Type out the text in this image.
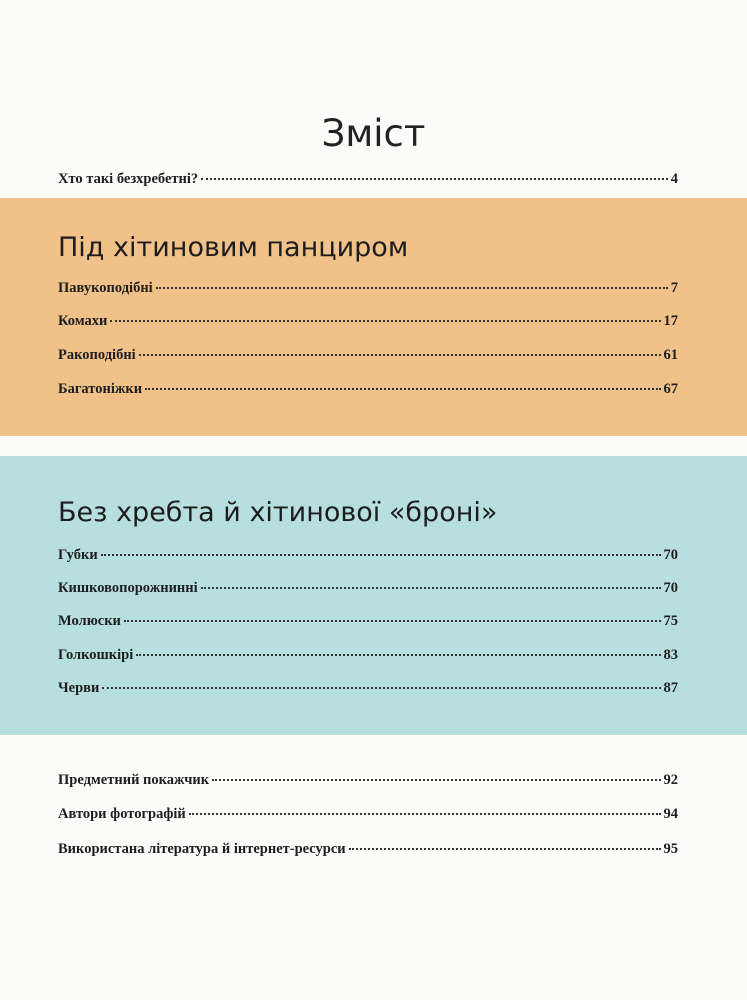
Зміст
Хто такі безхребетні?	4
Під хітиновим панциром
Павукоподібні	7
Комахи	17
Ракоподібні	61
Багатоніжки	67
Без хребта й хітинової «броні»
Губки	70
Кишковопорожнинні	70
Молюски	75
Голкошкірі	83
Черви	87
Предметний покажчик	92
Автори фотографій	94
Використана література й інтернет-ресурси	95
